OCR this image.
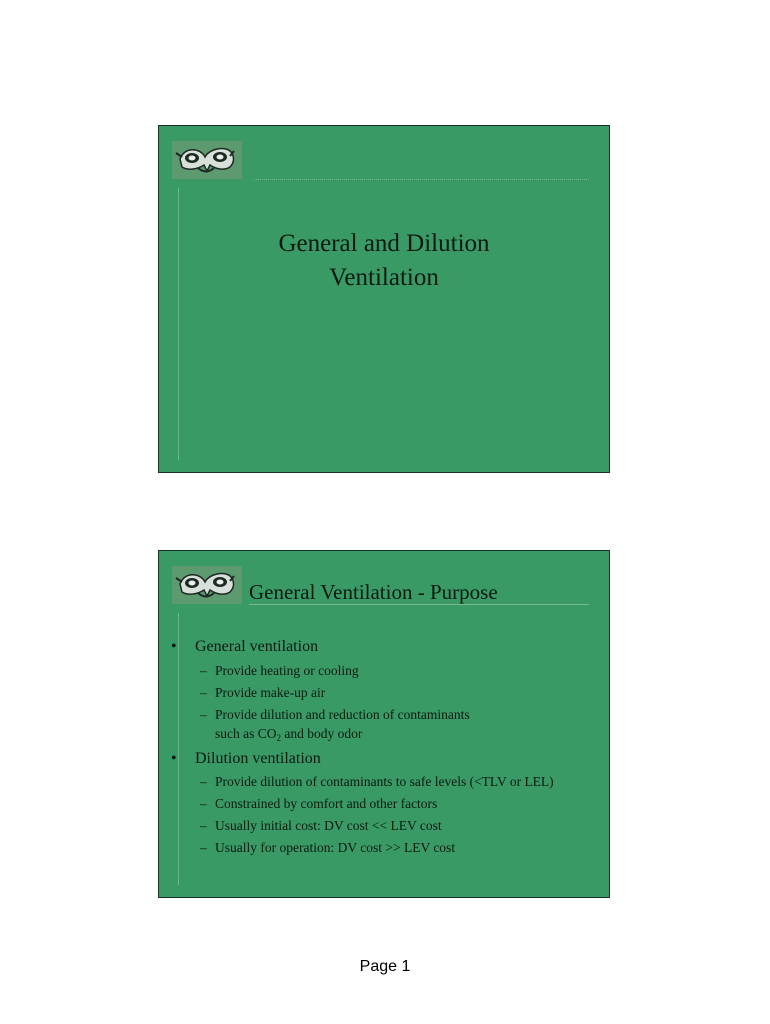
General and Dilution
Ventilation
General Ventilation - Purpose
• General ventilation
– Provide heating or cooling
– Provide make-up air
– Provide dilution and reduction of contaminants
such as $CO_2$ and body odor
• Dilution ventilation
– Provide dilution of contaminants to safe levels (<TLV or LEL)
– Constrained by comfort and other factors
– Usually initial cost: DV cost << LEV cost
– Usually for operation: DV cost >> LEV cost
Page 1
